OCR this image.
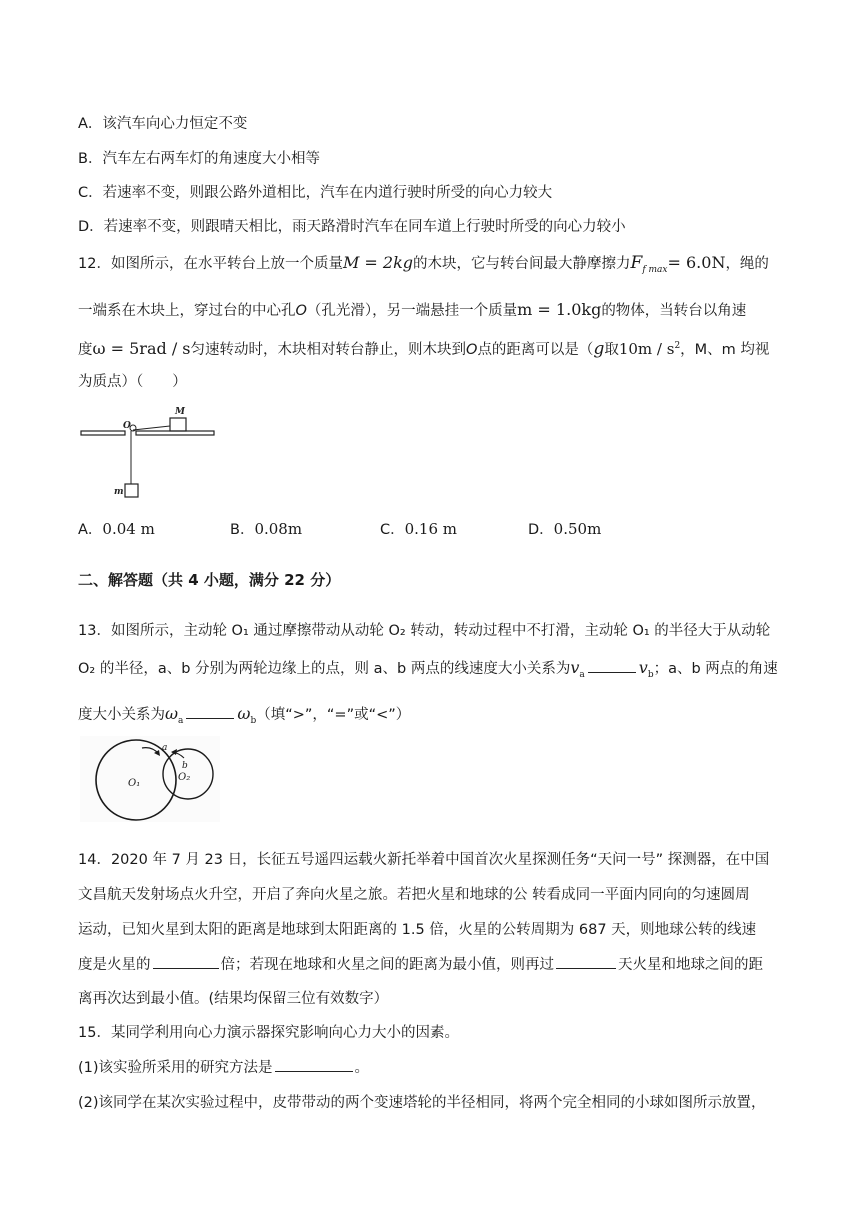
A．该汽车向心力恒定不变
B．汽车左右两车灯的角速度大小相等
C．若速率不变，则跟公路外道相比，汽车在内道行驶时所受的向心力较大
D．若速率不变，则跟晴天相比，雨天路滑时汽车在同车道上行驶时所受的向心力较小
12．如图所示，在水平转台上放一个质量M = 2kg的木块，它与转台间最大静摩擦力$F_{f max}= 6.0N$，绳的
一端系在木块上，穿过台的中心孔O（孔光滑），另一端悬挂一个质量m = 1.0kg的物体，当转台以角速
度ω = 5rad / s匀速转动时，木块相对转台静止，则木块到O点的距离可以是（g取$10m / s^2$，M、m 均视
为质点）（　　）
M
O
m
A．0.04 m	B．0.08m	C．0.16 m	D．0.50m
二、解答题（共 4 小题，满分 22 分）
13．如图所示，主动轮 O₁ 通过摩擦带动从动轮 O₂ 转动，转动过程中不打滑，主动轮 O₁ 的半径大于从动轮
O₂ 的半径，a、b 分别为两轮边缘上的点，则 a、b 两点的线速度大小关系为$v_a$	$v_b$；a、b 两点的角速
度大小关系为$\omega_a$	$\omega_b$（填“>”，“=”或“<”）
a
b
O₁
O₂
14．2020 年 7 月 23 日，长征五号遥四运载火新托举着中国首次火星探测任务“天问一号” 探测器，在中国
文昌航天发射场点火升空，开启了奔向火星之旅。若把火星和地球的公 转看成同一平面内同向的匀速圆周
运动，已知火星到太阳的距离是地球到太阳距离的 1.5 倍，火星的公转周期为 687 天，则地球公转的线速
度是火星的	倍；若现在地球和火星之间的距离为最小值，则再过	天火星和地球之间的距
离再次达到最小值。(结果均保留三位有效数字）
15．某同学利用向心力演示器探究影响向心力大小的因素。
(1)该实验所采用的研究方法是	。
(2)该同学在某次实验过程中，皮带带动的两个变速塔轮的半径相同，将两个完全相同的小球如图所示放置，
